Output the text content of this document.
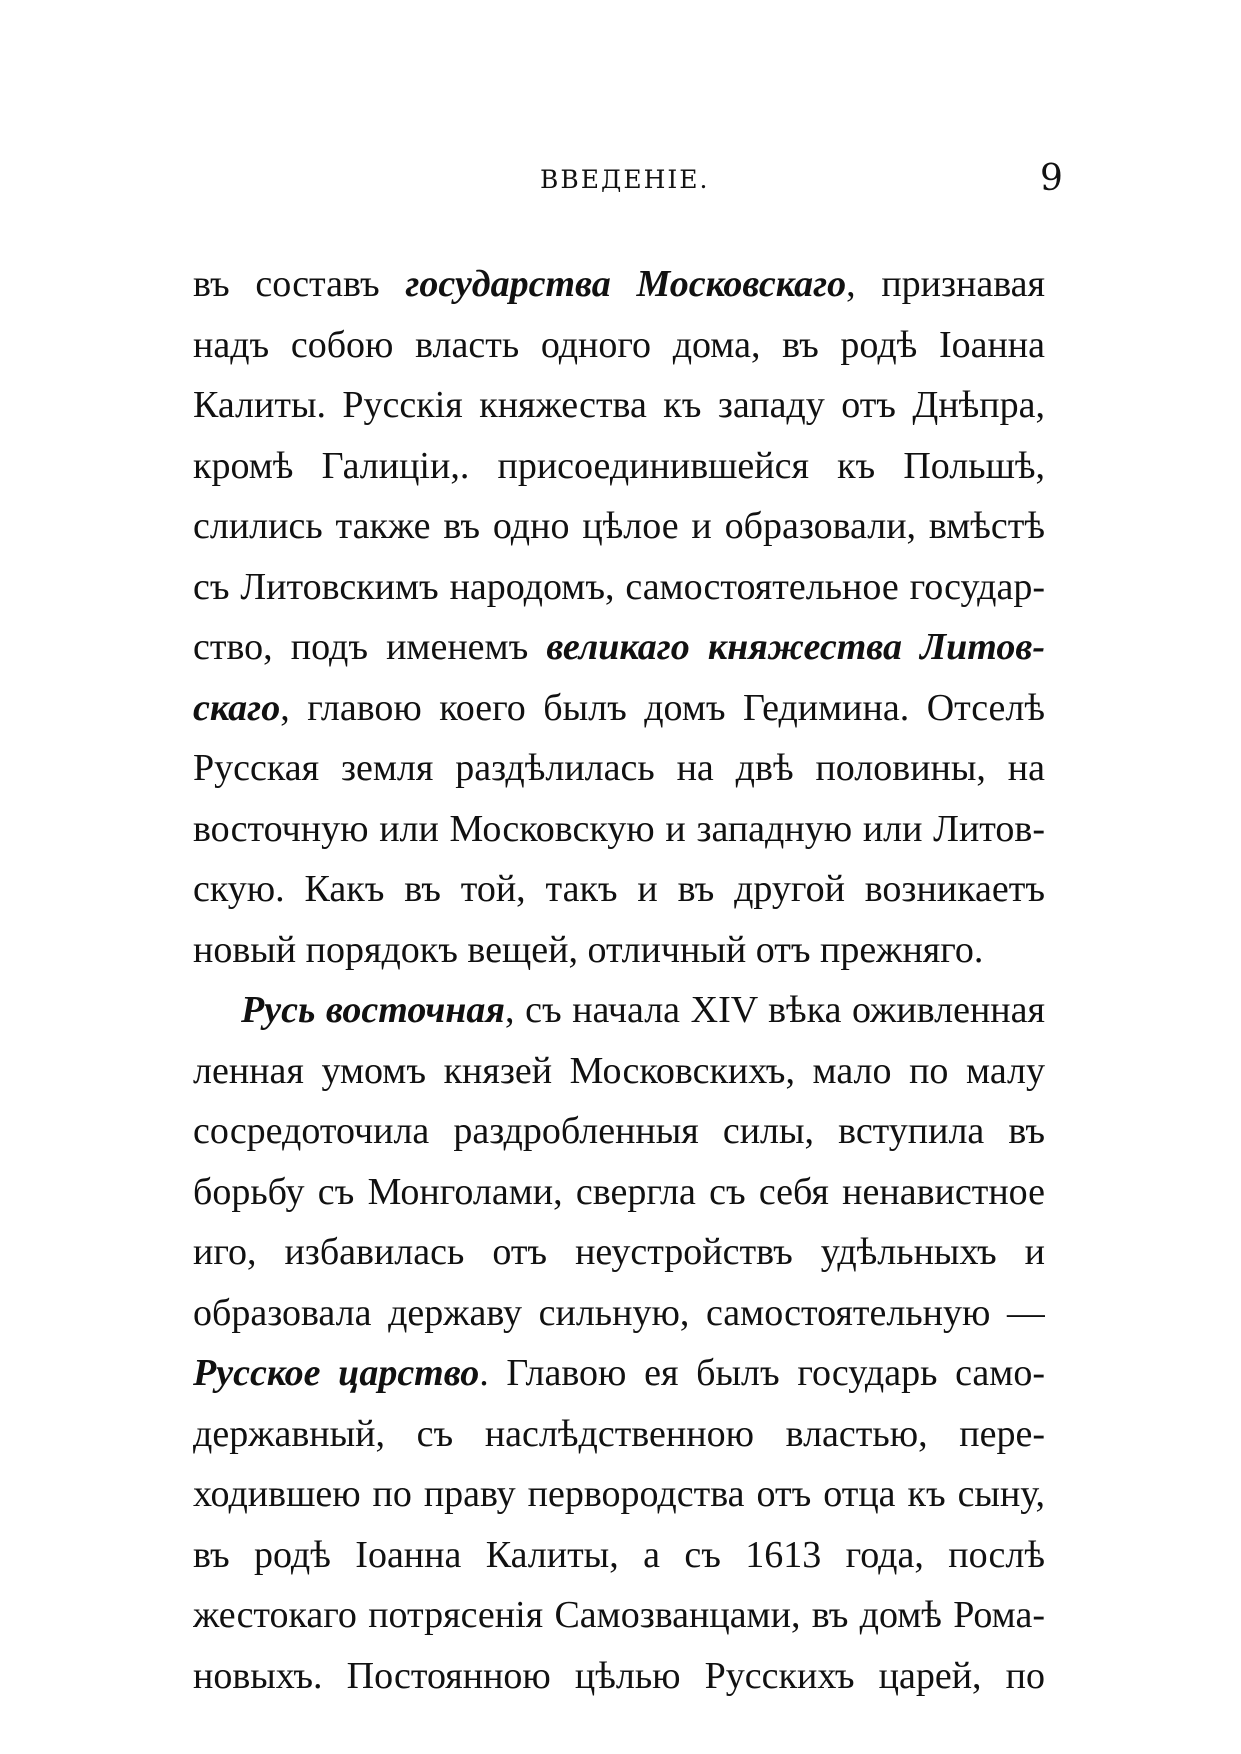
ВВЕДЕНІЕ.	9
въ составъ государства Московскаго, признавая
надъ собою власть одного дома, въ родѣ Іоанна
Калиты. Русскія княжества къ западу отъ Днѣпра,
кромѣ Галиціи,. присоединившейся къ Польшѣ,
слились также въ одно цѣлое и образовали, вмѣстѣ
съ Литовскимъ народомъ, самостоятельное государ-
ство, подъ именемъ великаго княжества Литов-
скаго, главою коего былъ домъ Гедимина. Отселѣ
Русская земля раздѣлилась на двѣ половины, на
восточную или Московскую и западную или Литов-
скую. Какъ въ той, такъ и въ другой возникаетъ
новый порядокъ вещей, отличный отъ прежняго.
Русь восточная, съ начала XIV вѣка оживленная
ленная умомъ князей Московскихъ, мало по малу
сосредоточила раздробленныя силы, вступила въ
борьбу съ Монголами, свергла съ себя ненавистное
иго, избавилась отъ неустройствъ удѣльныхъ и
образовала державу сильную, самостоятельную —
Русское царство. Главою ея былъ государь само-
державный, съ наслѣдственною властью, пере-
ходившею по праву первородства отъ отца къ сыну,
въ родѣ Іоанна Калиты, а съ 1613 года, послѣ
жестокаго потрясенія Самозванцами, въ домѣ Рома-
новыхъ. Постоянною цѣлью Русскихъ царей, по
